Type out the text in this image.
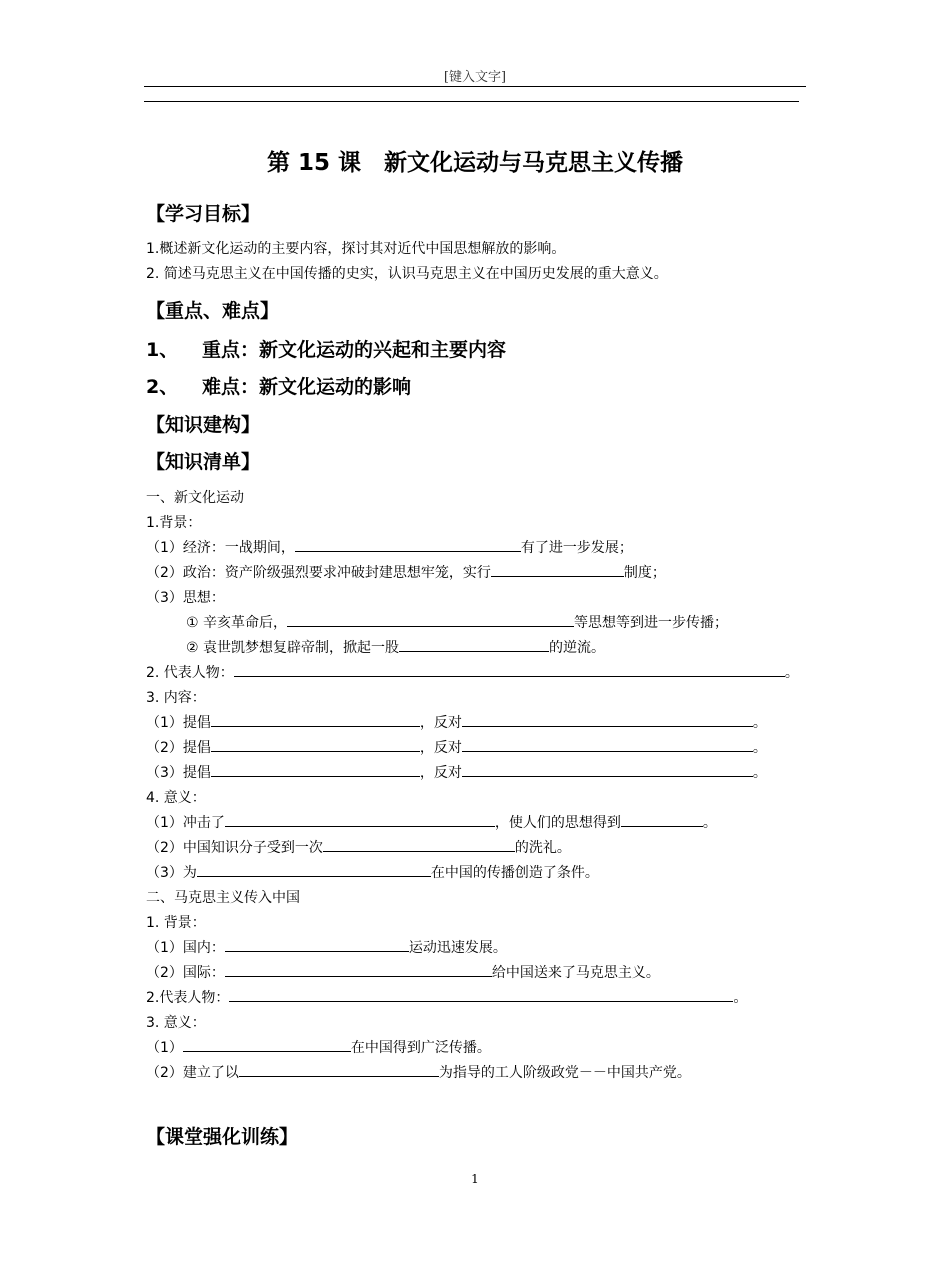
[键入文字]
第 15 课　新文化运动与马克思主义传播
【学习目标】
1.概述新文化运动的主要内容，探讨其对近代中国思想解放的影响。
2. 简述马克思主义在中国传播的史实，认识马克思主义在中国历史发展的重大意义。
【重点、难点】
1、 重点：新文化运动的兴起和主要内容
2、 难点：新文化运动的影响
【知识建构】
【知识清单】
一、新文化运动
1.背景：
（1）经济：一战期间，	有了进一步发展；
（2）政治：资产阶级强烈要求冲破封建思想牢笼，实行	制度；
（3）思想：
① 辛亥革命后，	等思想等到进一步传播；
② 袁世凯梦想复辟帝制，掀起一股	的逆流。
2. 代表人物：	。
3. 内容：
（1）提倡	，反对	。
（2）提倡	，反对	。
（3）提倡	，反对	。
4. 意义：
（1）冲击了	，使人们的思想得到	。
（2）中国知识分子受到一次	的洗礼。
（3）为	在中国的传播创造了条件。
二、马克思主义传入中国
1. 背景：
（1）国内：	运动迅速发展。
（2）国际：	给中国送来了马克思主义。
2.代表人物：	。
3. 意义：
（1）	在中国得到广泛传播。
（2）建立了以	为指导的工人阶级政党－－中国共产党。
【课堂强化训练】
1
